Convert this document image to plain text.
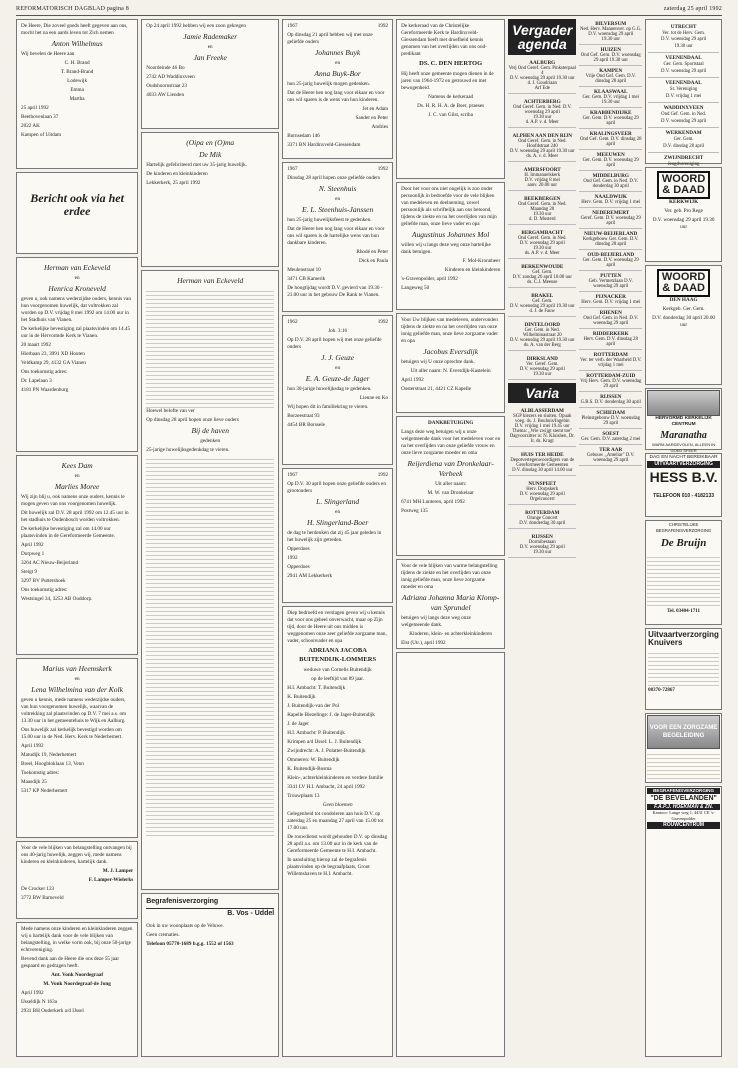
REFORMATORISCH DAGBLAD pagina 8	zaterdag 25 april 1992

De Heere, Die zoveel goeds heeft gegeven aan ons, mocht het na een aards leven tot Zich nemen

Anton Wilhelmus

Wij bevelen de Heere aan

C. H. Brand

T. Brand-Brand

Lodewijk

Emma

Martha

25 april 1992

Beethovenlaan 37

2022 AK

Kampen of Uitdam

Bericht ook via het erdee

Herman van Eckeveld

en

Henrica Kroneveld

geven u, ook namens wederzijdse ouders, kennis van hun voorgenomen huwelijk, dat voltrokken zal worden op D.V. vrijdag 8 mei 1992 om 14.00 uur in het Stadhuis van Vianen.

De kerkelijke bevestiging zal plaatsvinden om 14.45 uur in de Hervormde Kerk te Vianen.

20 maart 1992

Hierbaan 23, 3991 XD Houten

Veldkamp 29, 4132 GA Vianen

Ons toekomstig adres:

Dr. Lapelaan 3

4181 PN Waardenburg

Kees Dam

en

Marlies Moree

Wij zijn blij u, ook namens onze ouders, kennis te mogen geven van ons voorgenomen huwelijk.

Dit huwelijk zal D.V. 28 april 1992 om 12.45 uur in het stadhuis te Oudenbosch worden voltrokken.

De kerkelijke bevestiging zal om 14.00 uur plaatsvinden in de Gereformeerde Gemeente.

April 1992

Dorpweg 1

3264 AC Nieuw-Beijerland

Steigt 9

3297 BV Puttershoek

Ons toekomstig adres:

Westsingel 34, 3253 AB Ouddorp.

Marius van Heemskerk

en

Lena Wilhelmina van der Kolk

geven u kennis, mede namens wederzijdse ouders, van hun voorgenomen huwelijk, waarvan de voltrekking zal plaatsvinden op D.V. 7 mei a.s. om 13.30 uur in het gemeentehuis te Wijk en Aalburg.

Ons huwelijk zal kerkelijk bevestigd worden om 15.00 uur in de Ned. Herv. Kerk te Nederhemert.

April 1992

Matudijk 19, Nederhemert

Breel, Hoogbloklaan 13, Venn

Toekomstig adres:

Maasdijk 25

5317 KP Nederhemert

Voor de vele blijken van belangstelling ontvangen bij ons 40-jarig huwelijk, zeggen wij, mede namens kinderen en kleinkinderen, hartelijk dank.

M. J. Lamper

F. Lamper-Wielerks

De Crocker 123

3772 BW Barneveld

Mede namens onze kinderen en kleinkinderen zeggen wij u hartelijk dank voor de vele blijken van belangstelling, in welke vorm ook, bij onze 50-jarige echtvereniging.

Bevend dank aan de Heere die ons deze 55 jaar gespaard en gedragen heeft.

Ant. Vonk Noordegraaf

M. Vonk Noordegraaf-de Jong

April 1992

IJsseldijk N 163a

2931 BH Ouderkerk a/d IJssel

Op 24 april 1992 hebben wij een zoon gekregen

Jamie Rademaker

en

Jan Freeke

Noordeinde 46 Bo

2742 AD Waddinxveen

Oudshoornstraat 23

4033 AW Lienden

(Oipa en (O)ma

De Mik

Hartelijk gefeliciteerd met uw 35-jarig huwelijk.

De kinderen en kleinkinderen

Lekkerkerk, 25 april 1992

Herman van Eckeveld

Hoewel belofte van ver

Op dinsdag 28 april hopen onze lieve ouders

Bij de haven

gedenken

25-jarige huwelijksgedenkdag te vieren.

Begrafenisverzorging
B. Vos - Uddel

Ook in uw woonplaats op de Veluwe.

Geen crematies.

Telefoon 05770-1689 b.g.g. 1552 of 1563

1967	1992

Op dinsdag 21 april hebben wij met onze geliefde ouders

Johannes Buyk

en

Anna Buyk-Bor

hun 25-jarig huwelijk mogen gedenken.

Dat de Heere hen nog lang voor elkaar en voor ons wil sparen is de wens van hun kinderen.

Jet en Adam

Sander en Peter

Andries

Burnsedam 146

3371 BN Hardinxveld-Giessendam

1967	1992

Dinsdag 28 april hopen onze geliefde ouders

N. Steenhuis

en

E. L. Steenhuis-Janssen

hun 25-jarig huwelijksfeest te gedenken.

Dat de Heere hen nog lang voor elkaar en voor ons wil sparen is de hartelijke wens van hun dankbare kinderen.

Rhodé en Peter

Dick en Paula

Meulenstraat 10

3471 CB Kamerik

De hoogtijdag wordt D.V. gevierd van 19.30 - 21.00 uur in het gebouw De Rank te Vianen.

1962	1992

Joh. 3:16

Op D.V. 28 april hopen wij met onze geliefde ouders

J. J. Geuze

en

E. A. Geuze-de Jager

hun 30-jarige huwelijksdag te gedenken.

Lienne en Ko

Wij hopen dit in familiekring te vieren.

Borzeestraat 93

4454 BR Borssele

1967	1992

Op D.V. 30 april hopen onze geliefde ouders en grootouders

L. Slingerland

en

H. Slingerland-Boer

de dag te herdenken dat zij 45 jaar geleden in het huwelijk zijn getreden.

Opperdoes

1992

Opperdoes

2941 AM Lekkerkerk

Diep bedroefd en verslagen geven wij u kennis dat voor ons geheel onverwacht, maar op Zijn tijd, door de Heere uit ons midden is weggenomen onze zeer geliefde zorgzame man, vader, schoonvader en opa

ADRIANA JACOBA BUITENDIJK-LOMMERS

weduwe van Cornelis Buitendijk

op de leeftijd van 89 jaar.

H.I. Ambacht: T. Buitendijk

K. Buitendijk

J. Buitendijk-van der Pol

Kapelle Biezelinge: J. de Jager-Buitendijk

J. de Jager

H.I. Ambacht: P. Buitendijk

Krimpen a/d IJssel: L. J. Buitendijk

Zwijndrecht: A. J. Polatter-Buitendijk

Ommeren: W. Buitendijk

K. Buitendijk-Bosma

Klein-, achterkleinkinderen en verdere familie

3341 LV H.I. Ambacht, 24 april 1992

Trouwplaats 13

Geen bloemen

Gelegenheid tot condoleren aan huis D.V. op zaterdag 25 en maandag 27 april van 15.00 tot 17.00 uur.

De rouwdienst wordt gehouden D.V. op dinsdag 28 april a.s. om 13.00 uur in de kerk van de Gereformeerde Gemeente te H.I. Ambacht.

In aansluiting hierop zal de begrafenis plaatsvinden op de begraafplaats, Groot Willemshaven te H.I. Ambacht.

De kerkeraad van de Christelijke Gereformeerde Kerk te Hardinxveld-Giessendam heeft met droefheid kennis genomen van het overlijden van ons oud-predikant

DS. C. DEN HERTOG

Hij heeft onze gemeente mogen dienen in de jaren van 1964-1972 en getrouwd en met bewogenheid.

Namens de kerkeraad

Ds. H. R. H. A. de Boer, praeses

J. C. van Gilst, scriba

Door het voor ons niet ongelijk is zoo onder persoonlijk in bedroefde voor de vele blijken van medeleven en deelneming, zowel persoonlijk als schriftelijk aan ons betoond, tijdens de ziekte en na het overlijden van mijn geliefde man, onze lieve vader en opa

Augustinus Johannes Mol

willen wij u langs deze weg onze hartelijke dank betuigen.

F. Mol-Kronnheer

Kinderen en kleinkinderen

's-Gravenpolder, april 1992

Langeweg 50

Voor Uw blijken van medeleven, ondervonden tijdens de ziekte en na het overlijden van onze innig geliefde man, onze lieve zorgzame vader en opa

Jacobus Eversdijk

betuigen wij U onze oprechte dank.

Uit aller naam: N. Eversdijk-Kastelein

April 1992

Oosterstraat 21, 4421 CZ Kapelle

DANKBETUIGING

Langs deze weg betuigen wij u onze welgemeende dank voor het medeleven voor en na het overlijden van onze geliefde vrouw en onze lieve zorgzame moeder en oma

Reijerdiena van Dronkelaar-Verbeek

Uit aller naam:

M. W. van Dronkelaar

6741 MH Lunteren, april 1992

Postweg 135

Voor de vele blijken van warme belangstelling tijdens de ziekte en het overlijden van onze innig geliefde man, onze lieve zorgzame moeder en oma

Adriana Johanna Maria Klomp-van Sprundel

betuigen wij langs deze weg onze welgemeende dank.

Kinderen, klein- en achterkleinkinderen

Elst (Utr.), april 1992

Vergader agenda
AALBURG
Verj Ond Geref. Gem. Pinksterpaal 4
D.V. woensdag 29 april 19.30 uur
d. J. Goudriaan
Arf Ede
ACHTERBERG
Ond Geref. Gem. in Ned. D.V. woensdag 29 april
19.30 uur
d. A.P. v. d. Meer
ALPHEN AAN DEN RIJN
Ond Geref. Gem. in Ned. Hoofdstraat 240
D.V. woensdag 29 april 19.30 uur
ds. A. v. d. Meer
AMERSFOORT
H. Immanuelskerk
D.V. vrijdag 8 mei
aanv. 20.00 uur
BEEKBERGEN
Ond Geref. Gem. in Ned.
Maandag 20
19.30 uur
d. D. Mosterd
BERGAMBACHT
Ond Geref. Gem. in Ned.
D.V. woensdag 29 april
19.30 uur
ds. A.P. v. d. Meer
BERKENWOUDE
Gef. Gem.
D.V. zondag 26 april 10.00 uur
ds. C.J. Meeuse
BRAKEL
Gef. Gem.
D.V. woensdag 29 april 19.30 uur
d. J. de Fauw
DINTELOORD
Ger. Gem. in Ned.
Wilhelminastraat 20
D.V. woensdag 29 april 19.30 uur
ds. A. van der Berg
DIRKSLAND
Ver. Geref. Gem.
D.V. woensdag 29 april
19.30 uur
Varia
ALBLASSERDAM
SGP kiezers en sluiten. Opuah voeg. ds. J. Bouhuis/Ingebin
D.V. vrijdag 1 mei 19.45 uur
Thema: ,,Wie zwijgt stemt toe"
Dagvoorzitter is: N. Kluishen, Dr. Ir. ds. Kragt
HUIS TER HEIDE
Depotvertegenwoordigers van de Gereformeerde Gemeenten
D.V. dinsdag 30 april 14.00 uur
NUNSPEET
Herv. Dorpskerk
D.V. woensdag 29 april
Orgelconcert
ROTTERDAM
Orange Concert
D.V. donderdag 30 april
RIJSSEN
Dormibestaan
D.V. woensdag 29 april
19.30 uur
BILVERSUM
Ned. Herv. Mannenver. op G.G.
D.V. woensdag 29 april
19.30 uur
HUIZEN
Ond Gef. Gem. D.V. woensdag 29 april 19.30 uur
KAMPEN
Vrije Ond Gef. Gem. D.V. dinsdag 28 april
KLAASWAAL
Ger. Gem. D.V. vrijdag 1 mei 19.30 uur
KRABBENDIJKE
Ger. Gem. D.V. woensdag 29 april
KRALINGSVEER
Ond Gef. Gem. D.V. dinsdag 28 april
MEEUWEN
Ger. Gem. D.V. woensdag 29 april
MIDDELBURG
Ond Gef. Gem. in Ned. D.V. donderdag 30 april
NAALDWIJK
Herv. Gem. D.V. vrijdag 1 mei
NEDEREMERT
Geref. Gem. D.V. woensdag 29 april
NIEUW-BEIJERLAND
Kerkgebouw Ger. Gem. D.V. dinsdag 28 april
OUD-BEIJERLAND
Ger. Gem. D.V. woensdag 29 april
PUTTEN
Geb. Vermetzlaan D.V. woensdag 29 april
PIJNACKER
Herv. Gem. D.V. vrijdag 1 mei
RHENEN
Ond Gef. Gem. in Ned. D.V. woensdag 29 april
RIDDERKERK
Herv. Gem. D.V. dinsdag 28 april
ROTTERDAM
Ver. ter verb. der Waarheid D.V. vrijdag 1 mei
ROTTERDAM-ZUID
Vrij Herv. Gem. D.V. woensdag 29 april
RIJSSEN
G.B.S. D.V. donderdag 30 april
SCHIEDAM
Pleinstgebouw D.V. woensdag 29 april
SOEST
Ger. Gem. D.V. zaterdag 2 mei
TER AAR
Gebouw ,,Ameliar" D.V. woensdag 29 april
UTRECHT
Ver. tot de Herv. Gem.
D.V. woensdag 29 april
19.30 uur
VEENENDAAL
Ger. Gem. Sportstaal
D.V. woensdag 29 april
VEENENDAAL
St. Vereniging
D.V. vrijdag 1 mei
WADDINXVEEN
Ond Gef. Gem. in Ned.
D.V. woensdag 29 april
WERKENDAM
Ger. Gem.
D.V. dinsdag 28 april
ZWIJNDRECHT
Jeugdvereniging
WOORD
& DAAD

KERKWIJK

Ver. geb. Pro Rege

D.V. woensdag 29 april 19.30 uur

WOORD
& DAAD

DEN HAAG

Kerkgeb. Ger. Gem.

D.V. donderdag 30 april 20.00 uur

HERVORMD KERKELIJK CENTRUM
Maranatha
WARM AARDEVOLEN, ALLEEN IN GOED SFEER
DAG EN NACHT BEREIKBAAR
UITVAARTVERZORGING
HESS B.V.
TELEFOON 010 - 4182133
CHRISTELIJKE BEGRAFENISVERZORGING
De Bruijn
Tel. 03404-1711
Uitvaartverzorging Knuivers
08370-72867
VOOR EEN ZORGZAME BEGELEIDING
BEGRAFENISVERZORGING
"DE BEVELANDEN"
F.A.P.J. HOEKMAN & ZN.
Kantoor: Lange weg 1, 4431 CE 's-Gravenpolder
ROUWCENTRUM
